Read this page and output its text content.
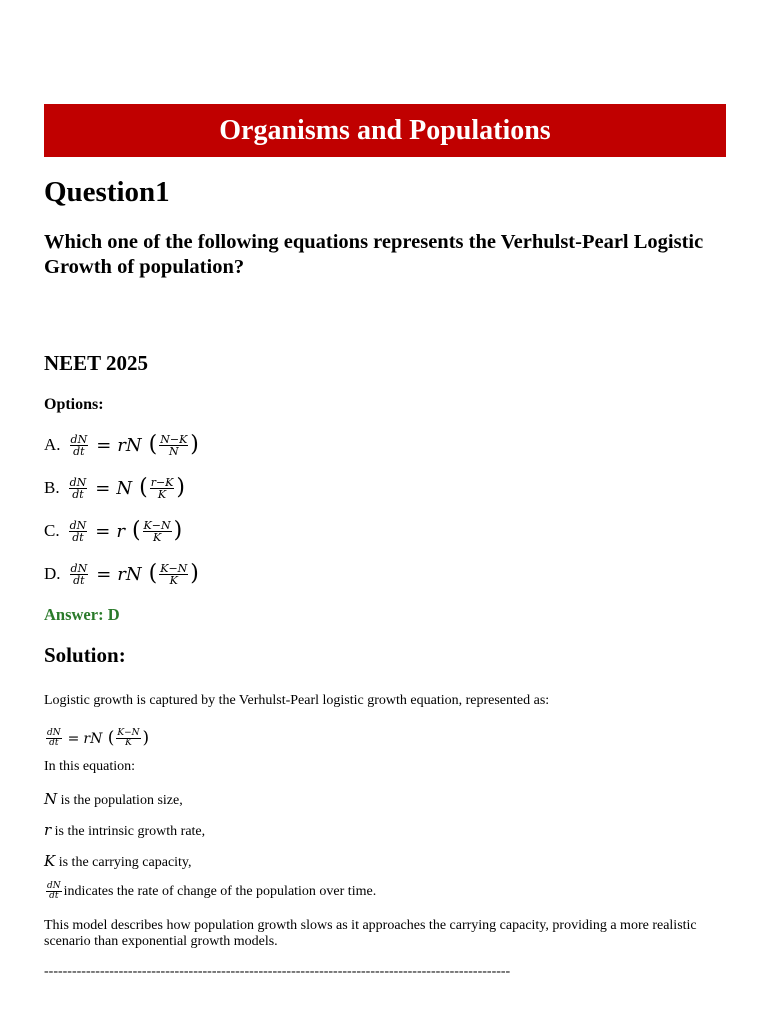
Organisms and Populations
Question1
Which one of the following equations represents the Verhulst-Pearl Logistic Growth of population?
NEET 2025
Options:
A. $\frac{dN}{dt}$ = rN ( $\frac{N-K}{N}$ )
B. $\frac{dN}{dt} = N$ ( $\frac{r-K}{K}$ )
C. $\frac{dN}{dt} = r$ ( $\frac{K-N}{K}$ )
D. $\frac{dN}{dt}$ = rN ( $\frac{K-N}{K}$ )
Answer: D
Solution:
Logistic growth is captured by the Verhulst-Pearl logistic growth equation, represented as:
$\frac{dN}{dt}$ = rN ( $\frac{K-N}{K}$ )
In this equation:
N is the population size,
r is the intrinsic growth rate,
K is the carrying capacity,
$\frac{dN}{dt}$ indicates the rate of change of the population over time.
This model describes how population growth slows as it approaches the carrying capacity, providing a more realistic scenario than exponential growth models.
----------------------------------------------------------------------------------------------------
